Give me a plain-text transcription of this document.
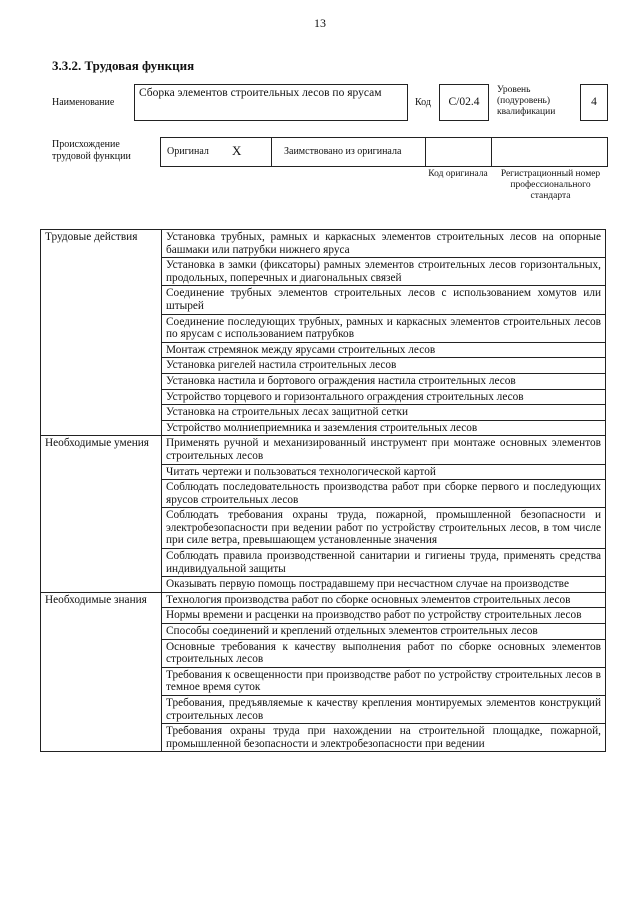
13
3.3.2. Трудовая функция
Наименование
Сборка элементов строительных лесов по ярусам
Код	С/02.4
Уровень (подуровень) квалификации
4
Происхождение трудовой функции	Оригинал X	Заимствовано из оригинала
Код оригинала	Регистрационный номер профессионального стандарта
Трудовые действия	Установка трубных, рамных и каркасных элементов строительных лесов на опорные башмаки или патрубки нижнего яруса
	Установка в замки (фиксаторы) рамных элементов строительных лесов горизонтальных, продольных, поперечных и диагональных связей
	Соединение трубных элементов строительных лесов с использованием хомутов или штырей
	Соединение последующих трубных, рамных и каркасных элементов строительных лесов по ярусам с использованием патрубков
	Монтаж стремянок между ярусами строительных лесов
	Установка ригелей настила строительных лесов
	Установка настила и бортового ограждения настила строительных лесов
	Устройство торцевого и горизонтального ограждения строительных лесов
	Установка на строительных лесах защитной сетки
	Устройство молниеприемника и заземления строительных лесов
Необходимые умения	Применять ручной и механизированный инструмент при монтаже основных элементов строительных лесов
	Читать чертежи и пользоваться технологической картой
	Соблюдать последовательность производства работ при сборке первого и последующих ярусов строительных лесов
	Соблюдать требования охраны труда, пожарной, промышленной безопасности и электробезопасности при ведении работ по устройству строительных лесов, в том числе при силе ветра, превышающем установленные значения
	Соблюдать правила производственной санитарии и гигиены труда, применять средства индивидуальной защиты
	Оказывать первую помощь пострадавшему при несчастном случае на производстве
Необходимые знания	Технология производства работ по сборке основных элементов строительных лесов
	Нормы времени и расценки на производство работ по устройству строительных лесов
	Способы соединений и креплений отдельных элементов строительных лесов
	Основные требования к качеству выполнения работ по сборке основных элементов строительных лесов
	Требования к освещенности при производстве работ по устройству строительных лесов в темное время суток
	Требования, предъявляемые к качеству крепления монтируемых элементов конструкций строительных лесов
	Требования охраны труда при нахождении на строительной площадке, пожарной, промышленной безопасности и электробезопасности при ведении
